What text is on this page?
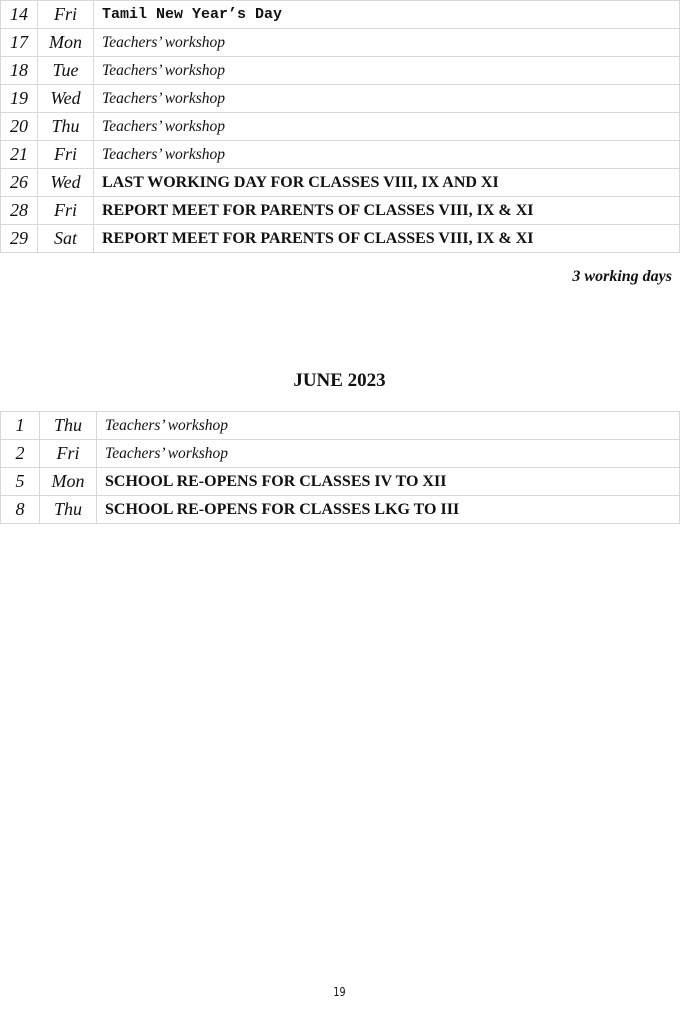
14	Fri	Tamil New Year’s Day
17	Mon	Teachers’ workshop
18	Tue	Teachers’ workshop
19	Wed	Teachers’ workshop
20	Thu	Teachers’ workshop
21	Fri	Teachers’ workshop
26	Wed	LAST WORKING DAY FOR CLASSES VIII, IX AND XI
28	Fri	REPORT MEET FOR PARENTS OF CLASSES VIII, IX & XI
29	Sat	REPORT MEET FOR PARENTS OF CLASSES VIII, IX & XI
3 working days
JUNE 2023
1	Thu	Teachers’ workshop
2	Fri	Teachers’ workshop
5	Mon	SCHOOL RE-OPENS FOR CLASSES IV TO XII
8	Thu	SCHOOL RE-OPENS FOR CLASSES LKG TO III
19
